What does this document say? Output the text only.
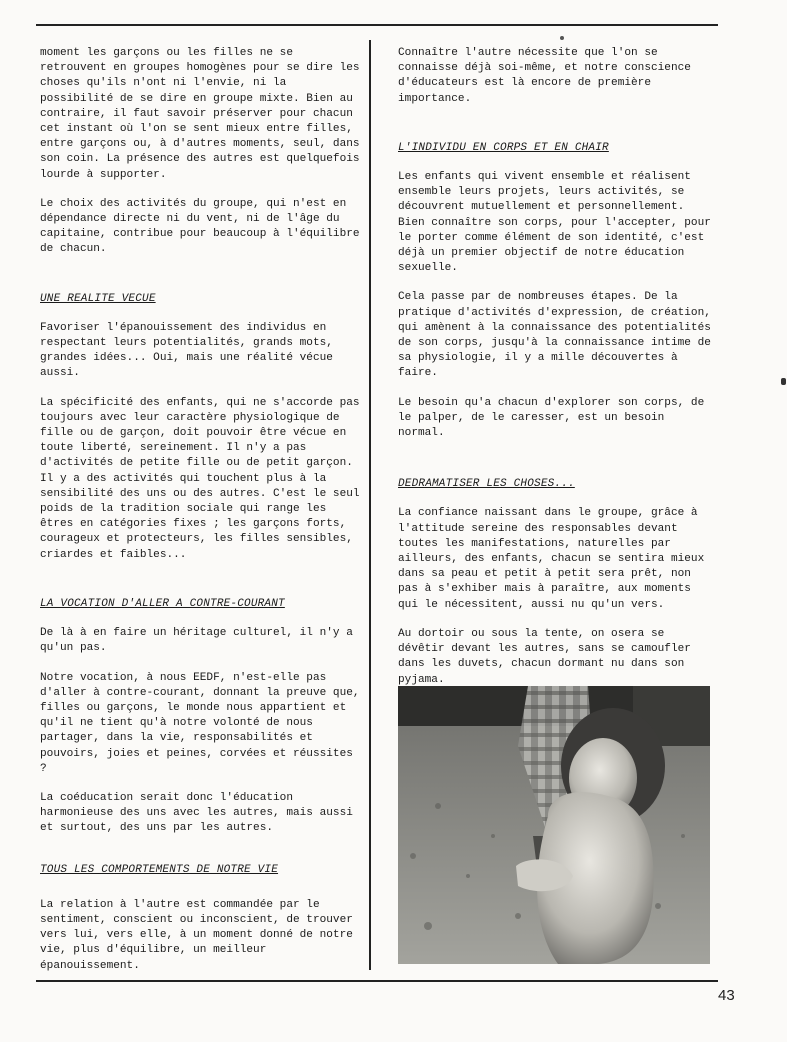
moment les garçons ou les filles ne se retrouvent en groupes homogènes pour se dire les choses qu'ils n'ont ni l'envie, ni la possibilité de se dire en groupe mixte. Bien au contraire, il faut savoir préserver pour chacun cet instant où l'on se sent mieux entre filles, entre garçons ou, à d'autres moments, seul, dans son coin. La présence des autres est quelquefois lourde à supporter.

Le choix des activités du groupe, qui n'est en dépendance directe ni du vent, ni de l'âge du capitaine, contribue pour beaucoup à l'équilibre de chacun.

UNE REALITE VECUE

Favoriser l'épanouissement des individus en respectant leurs potentialités, grands mots, grandes idées... Oui, mais une réalité vécue aussi.

La spécificité des enfants, qui ne s'accorde pas toujours avec leur caractère physiologique de fille ou de garçon, doit pouvoir être vécue en toute liberté, sereinement. Il n'y a pas d'activités de petite fille ou de petit garçon. Il y a des activités qui touchent plus à la sensibilité des uns ou des autres. C'est le seul poids de la tradition sociale qui range les êtres en catégories fixes ; les garçons forts, courageux et protecteurs, les filles sensibles, criardes et faibles...

LA VOCATION D'ALLER A CONTRE-COURANT

De là à en faire un héritage culturel, il n'y a qu'un pas.

Notre vocation, à nous EEDF, n'est-elle pas d'aller à contre-courant, donnant la preuve que, filles ou garçons, le monde nous appartient et qu'il ne tient qu'à notre volonté de nous partager, dans la vie, responsabilités et pouvoirs, joies et peines, corvées et réussites ?

La coéducation serait donc l'éducation harmonieuse des uns avec les autres, mais aussi et surtout, des uns par les autres.

TOUS LES COMPORTEMENTS DE NOTRE VIE

La relation à l'autre est commandée par le sentiment, conscient ou inconscient, de trouver vers lui, vers elle, à un moment donné de notre vie, plus d'équilibre, un meilleur épanouissement.

Connaître l'autre nécessite que l'on se connaisse déjà soi-même, et notre conscience d'éducateurs est là encore de première importance.

L'INDIVIDU EN CORPS ET EN CHAIR

Les enfants qui vivent ensemble et réalisent ensemble leurs projets, leurs activités, se découvrent mutuellement et personnellement. Bien connaître son corps, pour l'accepter, pour le porter comme élément de son identité, c'est déjà un premier objectif de notre éducation sexuelle.

Cela passe par de nombreuses étapes. De la pratique d'activités d'expression, de création, qui amènent à la connaissance des potentialités de son corps, jusqu'à la connaissance intime de sa physiologie, il y a mille découvertes à faire.

Le besoin qu'a chacun d'explorer son corps, de le palper, de le caresser, est un besoin normal.

DEDRAMATISER LES CHOSES...

La confiance naissant dans le groupe, grâce à l'attitude sereine des responsables devant toutes les manifestations, naturelles par ailleurs, des enfants, chacun se sentira mieux dans sa peau et petit à petit sera prêt, non pas à s'exhiber mais à paraître, aux moments qui le nécessitent, aussi nu qu'un vers.

Au dortoir ou sous la tente, on osera se dévêtir devant les autres, sans se camoufler dans les duvets, chacun dormant nu dans son pyjama.

43
